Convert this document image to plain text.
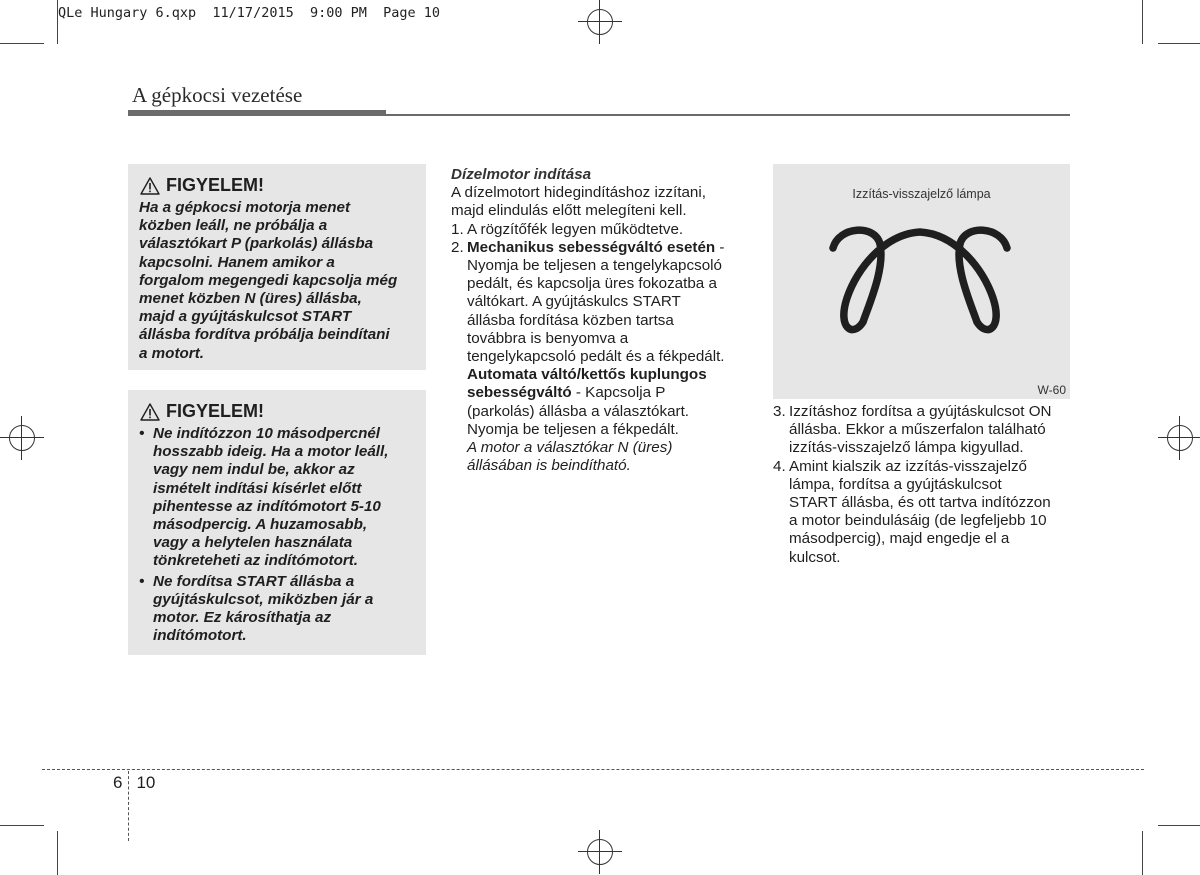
QLe Hungary 6.qxp  11/17/2015  9:00 PM  Page 10
A gépkocsi vezetése
FIGYELEM!
Ha a gépkocsi motorja menet
közben leáll, ne próbálja a
választókart P (parkolás) állásba
kapcsolni. Hanem amikor a
forgalom megengedi kapcsolja még
menet közben N (üres) állásba,
majd a gyújtáskulcsot START
állásba fordítva próbálja beindítani
a motort.
FIGYELEM!
• Ne indítózzon 10 másodpercnél
hosszabb ideig. Ha a motor leáll,
vagy nem indul be, akkor az
ismételt indítási kísérlet előtt
pihentesse az indítómotort 5-10
másodpercig. A huzamosabb,
vagy a helytelen használata
tönkreteheti az indítómotort.
• Ne fordítsa START állásba a
gyújtáskulcsot, miközben jár a
motor. Ez károsíthatja az
indítómotort.

Dízelmotor indítása

A dízelmotort hidegindításhoz izzítani,

majd elindulás előtt melegíteni kell.

1. A rögzítőfék legyen működtetve.
2. Mechanikus sebességváltó esetén -
Nyomja be teljesen a tengelykapcsoló
pedált, és kapcsolja üres fokozatba a
váltókart. A gyújtáskulcs START
állásba fordítása közben tartsa
továbbra is benyomva a
tengelykapcsoló pedált és a fékpedált.
Automata váltó/kettős kuplungos
sebességváltó - Kapcsolja P
(parkolás) állásba a választókart.
Nyomja be teljesen a fékpedált.
A motor a választókar N (üres)
állásában is beindítható.
Izzítás-visszajelző lámpa
W-60
3. Izzításhoz fordítsa a gyújtáskulcsot ON
állásba. Ekkor a műszerfalon található
izzítás-visszajelző lámpa kigyullad.
4. Amint kialszik az izzítás-visszajelző
lámpa, fordítsa a gyújtáskulcsot
START állásba, és ott tartva indítózzon
a motor beindulásáig (de legfeljebb 10
másodpercig), majd engedje el a
kulcsot.
6 10
